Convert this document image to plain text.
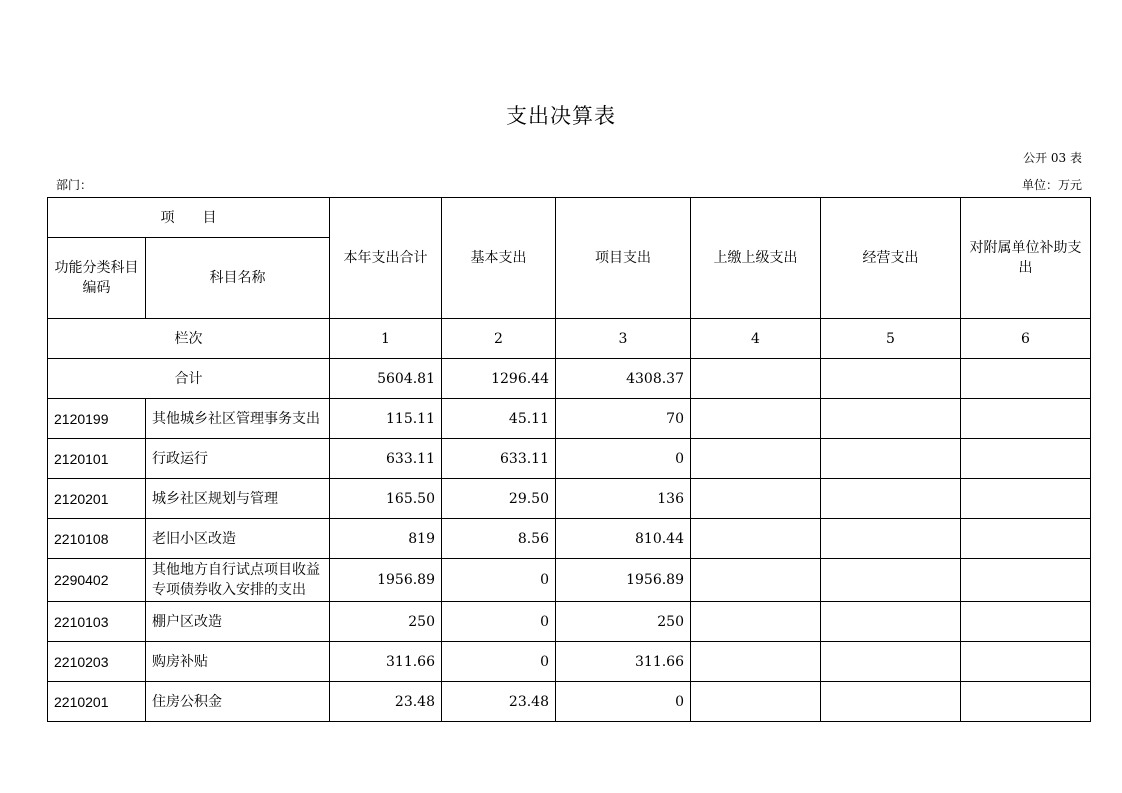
支出决算表
公开 03 表
部门：	单位：万元
项　　目		本年支出合计	基本支出	项目支出	上缴上级支出	经营支出	对附属单位补助支出
功能分类科目编码	科目名称						
栏次		1	2	3	4	5	6
合计		5604.81	1296.44	4308.37			
2120199	其他城乡社区管理事务支出	115.11	45.11	70			
2120101	行政运行	633.11	633.11	0			
2120201	城乡社区规划与管理	165.50	29.50	136			
2210108	老旧小区改造	819	8.56	810.44			
2290402	其他地方自行试点项目收益专项债券收入安排的支出	1956.89	0	1956.89			
2210103	棚户区改造	250	0	250			
2210203	购房补贴	311.66	0	311.66			
2210201	住房公积金	23.48	23.48	0			
